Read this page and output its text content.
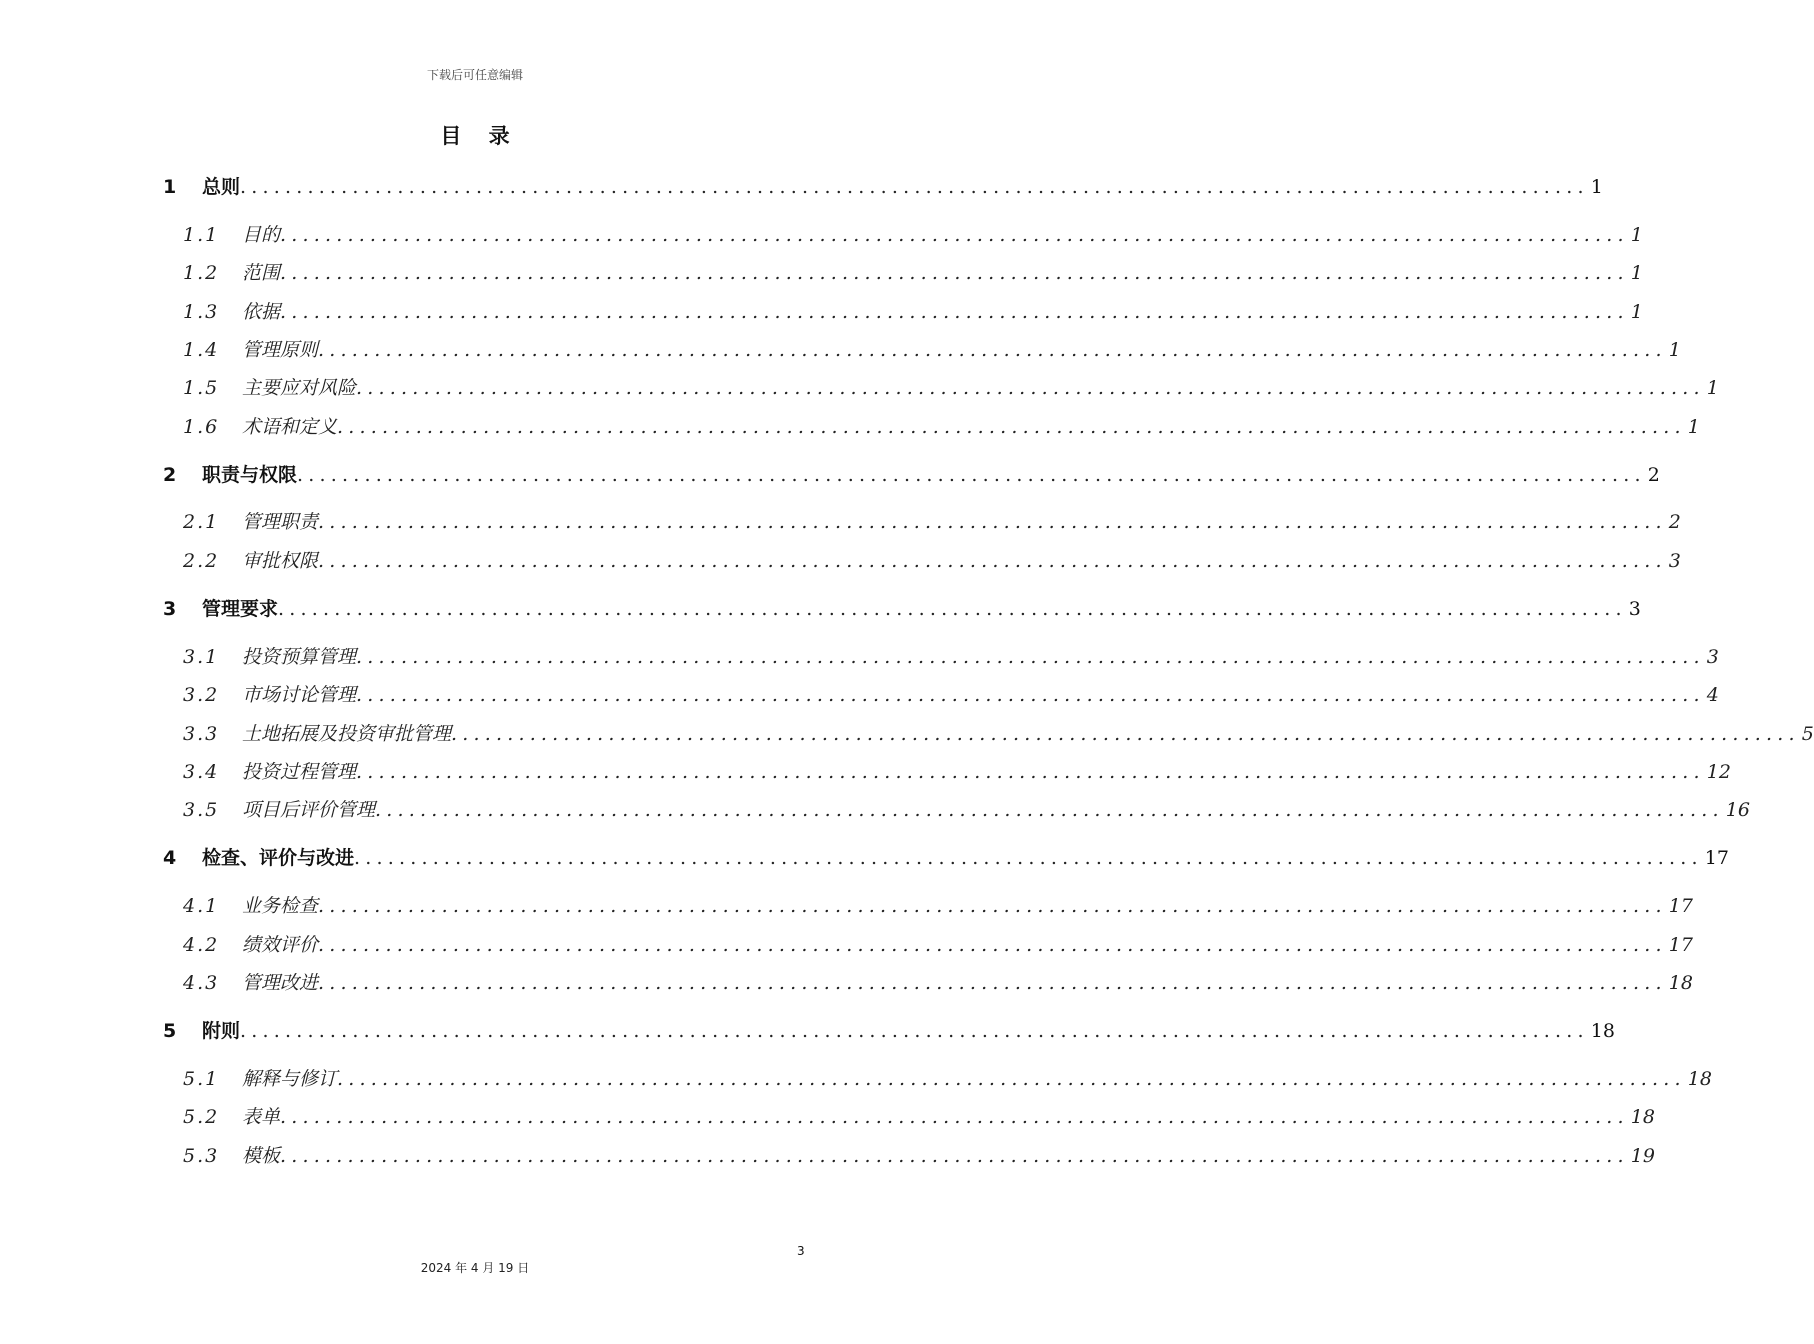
下载后可任意编辑
目 录
1	总则 ........................................................................................................................ 1
1.1	目的 ........................................................................................................................ 1
1.2	范围 ........................................................................................................................ 1
1.3	依据 ........................................................................................................................ 1
1.4	管理原则 ........................................................................................................................ 1
1.5	主要应对风险 ........................................................................................................................ 1
1.6	术语和定义 ........................................................................................................................ 1
2	职责与权限 ........................................................................................................................ 2
2.1	管理职责 ........................................................................................................................ 2
2.2	审批权限 ........................................................................................................................ 3
3	管理要求 ........................................................................................................................ 3
3.1	投资预算管理 ........................................................................................................................ 3
3.2	市场讨论管理 ........................................................................................................................ 4
3.3	土地拓展及投资审批管理 ........................................................................................................................ 5
3.4	投资过程管理 ........................................................................................................................ 12
3.5	项目后评价管理 ........................................................................................................................ 16
4	检查、评价与改进 ........................................................................................................................ 17
4.1	业务检查 ........................................................................................................................ 17
4.2	绩效评价 ........................................................................................................................ 17
4.3	管理改进 ........................................................................................................................ 18
5	附则 ........................................................................................................................ 18
5.1	解释与修订 ........................................................................................................................ 18
5.2	表单 ........................................................................................................................ 18
5.3	模板 ........................................................................................................................ 19
3
2024 年 4 月 19 日
